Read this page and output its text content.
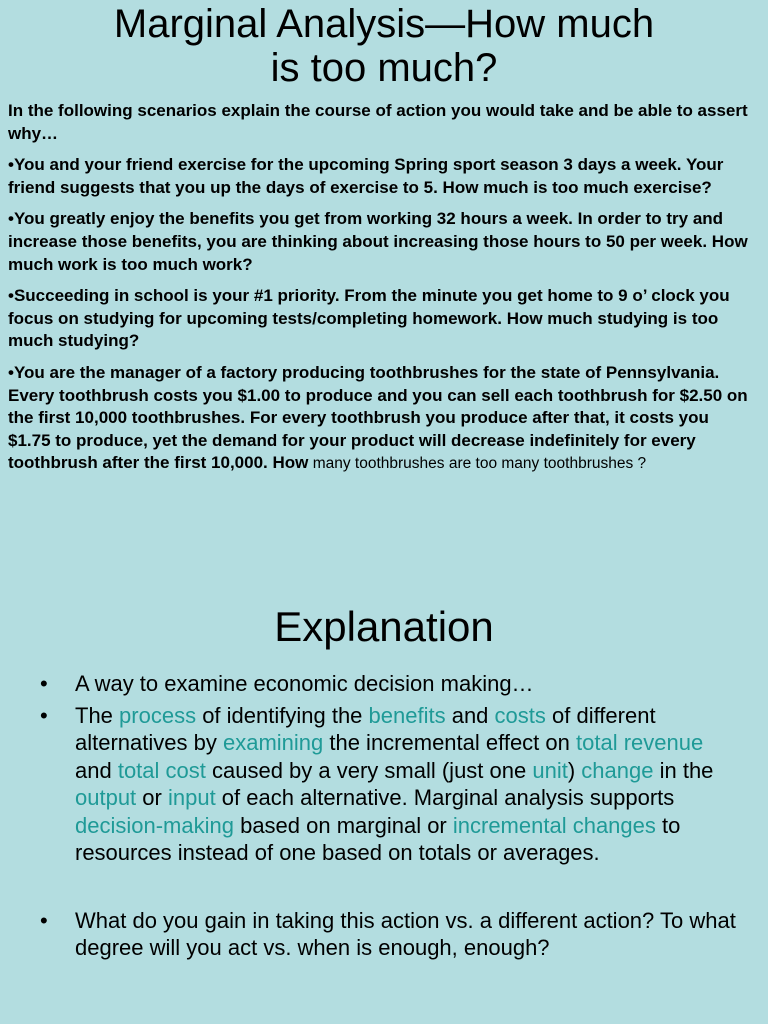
Marginal Analysis—How much
is too much?

In the following scenarios explain the course of action you would take and be able to assert why…

•You and your friend exercise for the upcoming Spring sport season 3 days a week. Your friend suggests that you up the days of exercise to 5. How much is too much exercise?

•You greatly enjoy the benefits you get from working 32 hours a week. In order to try and increase those benefits, you are thinking about increasing those hours to 50 per week. How much work is too much work?

•Succeeding in school is your #1 priority. From the minute you get home to 9 o’ clock you focus on studying for upcoming tests/completing homework. How much studying is too much studying?

•You are the manager of a factory producing toothbrushes for the state of Pennsylvania. Every toothbrush costs you $1.00 to produce and you can sell each toothbrush for $2.50 on the first 10,000 toothbrushes. For every toothbrush you produce after that, it costs you $1.75 to produce, yet the demand for your product will decrease indefinitely for every toothbrush after the first 10,000. How many toothbrushes are too many toothbrushes ?

Explanation
• A way to examine economic decision making…
• The process of identifying the benefits and costs of different alternatives by examining the incremental effect on total revenue and total cost caused by a very small (just one unit) change in the output or input of each alternative. Marginal analysis supports decision-making based on marginal or incremental changes to resources instead of one based on totals or averages.
• What do you gain in taking this action vs. a different action? To what degree will you act vs. when is enough, enough?
